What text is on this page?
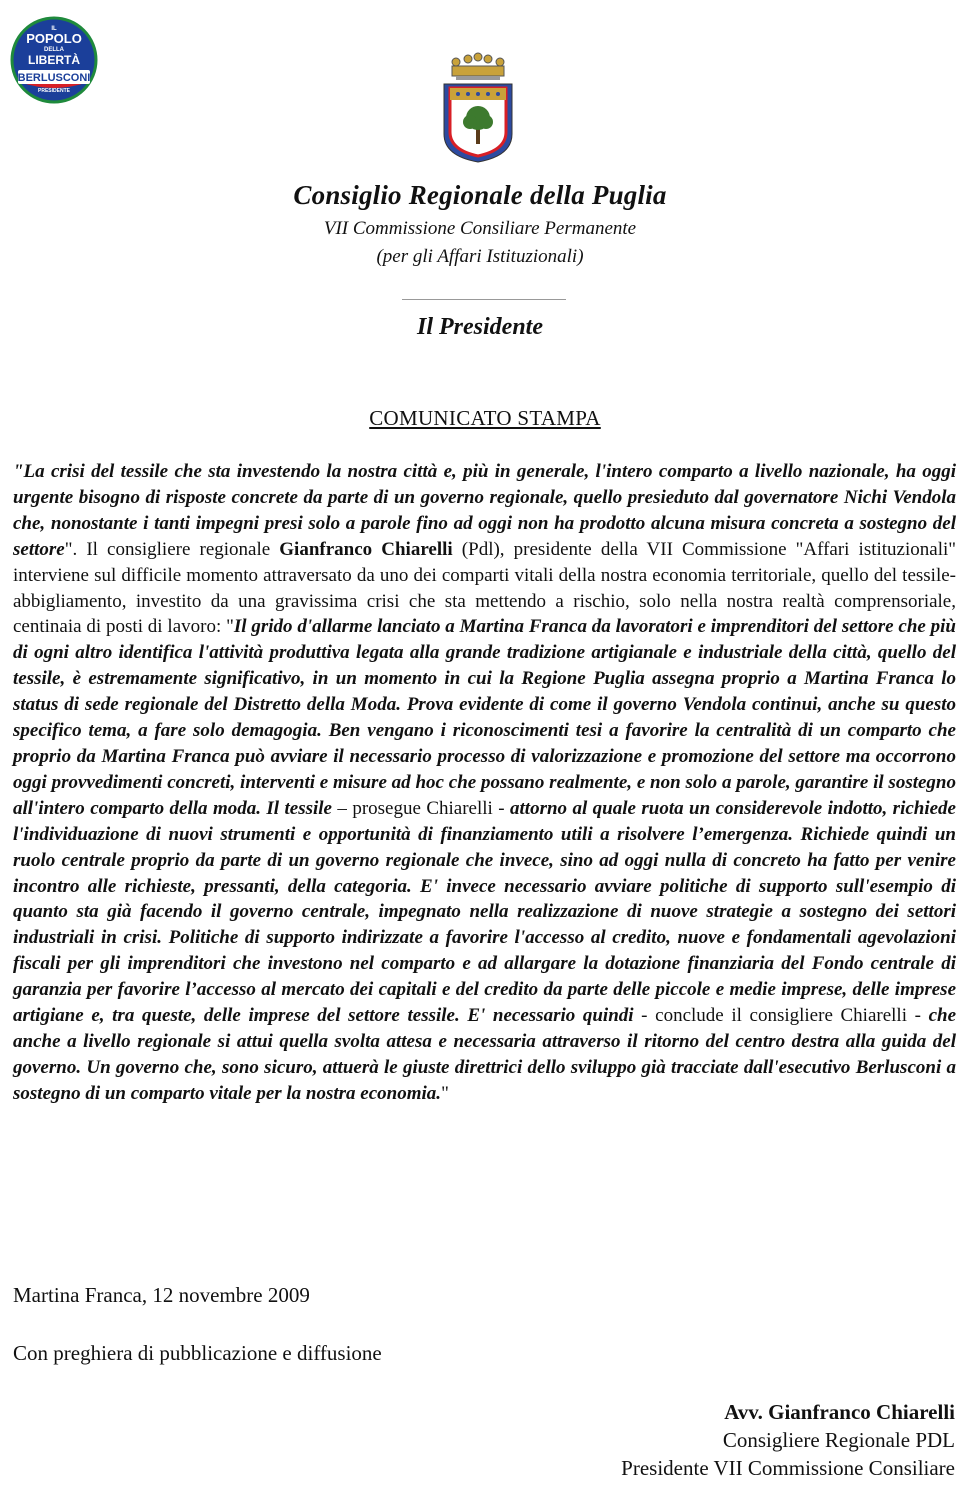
IL
POPOLO
DELLA
LIBERTÀ
BERLUSCONI
PRESIDENTE
Consiglio Regionale della Puglia
VII Commissione Consiliare Permanente
(per gli Affari Istituzionali)
Il Presidente
COMUNICATO STAMPA
"La crisi del tessile che sta investendo la nostra città e, più in generale, l'intero comparto a livello nazionale, ha oggi urgente bisogno di risposte concrete da parte di un governo regionale, quello presieduto dal governatore Nichi Vendola che, nonostante i tanti impegni presi solo a parole fino ad oggi non ha prodotto alcuna misura concreta a sostegno del settore". Il consigliere regionale Gianfranco Chiarelli (Pdl), presidente della VII Commissione "Affari istituzionali" interviene sul difficile momento attraversato da uno dei comparti vitali della nostra economia territoriale, quello del tessile-abbigliamento, investito da una gravissima crisi che sta mettendo a rischio, solo nella nostra realtà comprensoriale, centinaia di posti di lavoro: "Il grido d'allarme lanciato a Martina Franca da lavoratori e imprenditori del settore che più di ogni altro identifica l'attività produttiva legata alla grande tradizione artigianale e industriale della città, quello del tessile, è estremamente significativo, in un momento in cui la Regione Puglia assegna proprio a Martina Franca lo status di sede regionale del Distretto della Moda. Prova evidente di come il governo Vendola continui, anche su questo specifico tema, a fare solo demagogia. Ben vengano i riconoscimenti tesi a favorire la centralità di un comparto che proprio da Martina Franca può avviare il necessario processo di valorizzazione e promozione del settore ma occorrono oggi provvedimenti concreti, interventi e misure ad hoc che possano realmente, e non solo a parole, garantire il sostegno all'intero comparto della moda. Il tessile – prosegue Chiarelli - attorno al quale ruota un considerevole indotto, richiede l'individuazione di nuovi strumenti e opportunità di finanziamento utili a risolvere l’emergenza. Richiede quindi un ruolo centrale proprio da parte di un governo regionale che invece, sino ad oggi nulla di concreto ha fatto per venire incontro alle richieste, pressanti, della categoria. E' invece necessario avviare politiche di supporto sull'esempio di quanto sta già facendo il governo centrale, impegnato nella realizzazione di nuove strategie a sostegno dei settori industriali in crisi. Politiche di supporto indirizzate a favorire l'accesso al credito, nuove e fondamentali agevolazioni fiscali per gli imprenditori che investono nel comparto e ad allargare la dotazione finanziaria del Fondo centrale di garanzia per favorire l’accesso al mercato dei capitali e del credito da parte delle piccole e medie imprese, delle imprese artigiane e, tra queste, delle imprese del settore tessile. E' necessario quindi - conclude il consigliere Chiarelli - che anche a livello regionale si attui quella svolta attesa e necessaria attraverso il ritorno del centro destra alla guida del governo. Un governo che, sono sicuro, attuerà le giuste direttrici dello sviluppo già tracciate dall'esecutivo Berlusconi a sostegno di un comparto vitale per la nostra economia."
Martina Franca, 12 novembre 2009
Con preghiera di pubblicazione e diffusione
Avv. Gianfranco Chiarelli
Consigliere Regionale PDL
Presidente VII Commissione Consiliare
